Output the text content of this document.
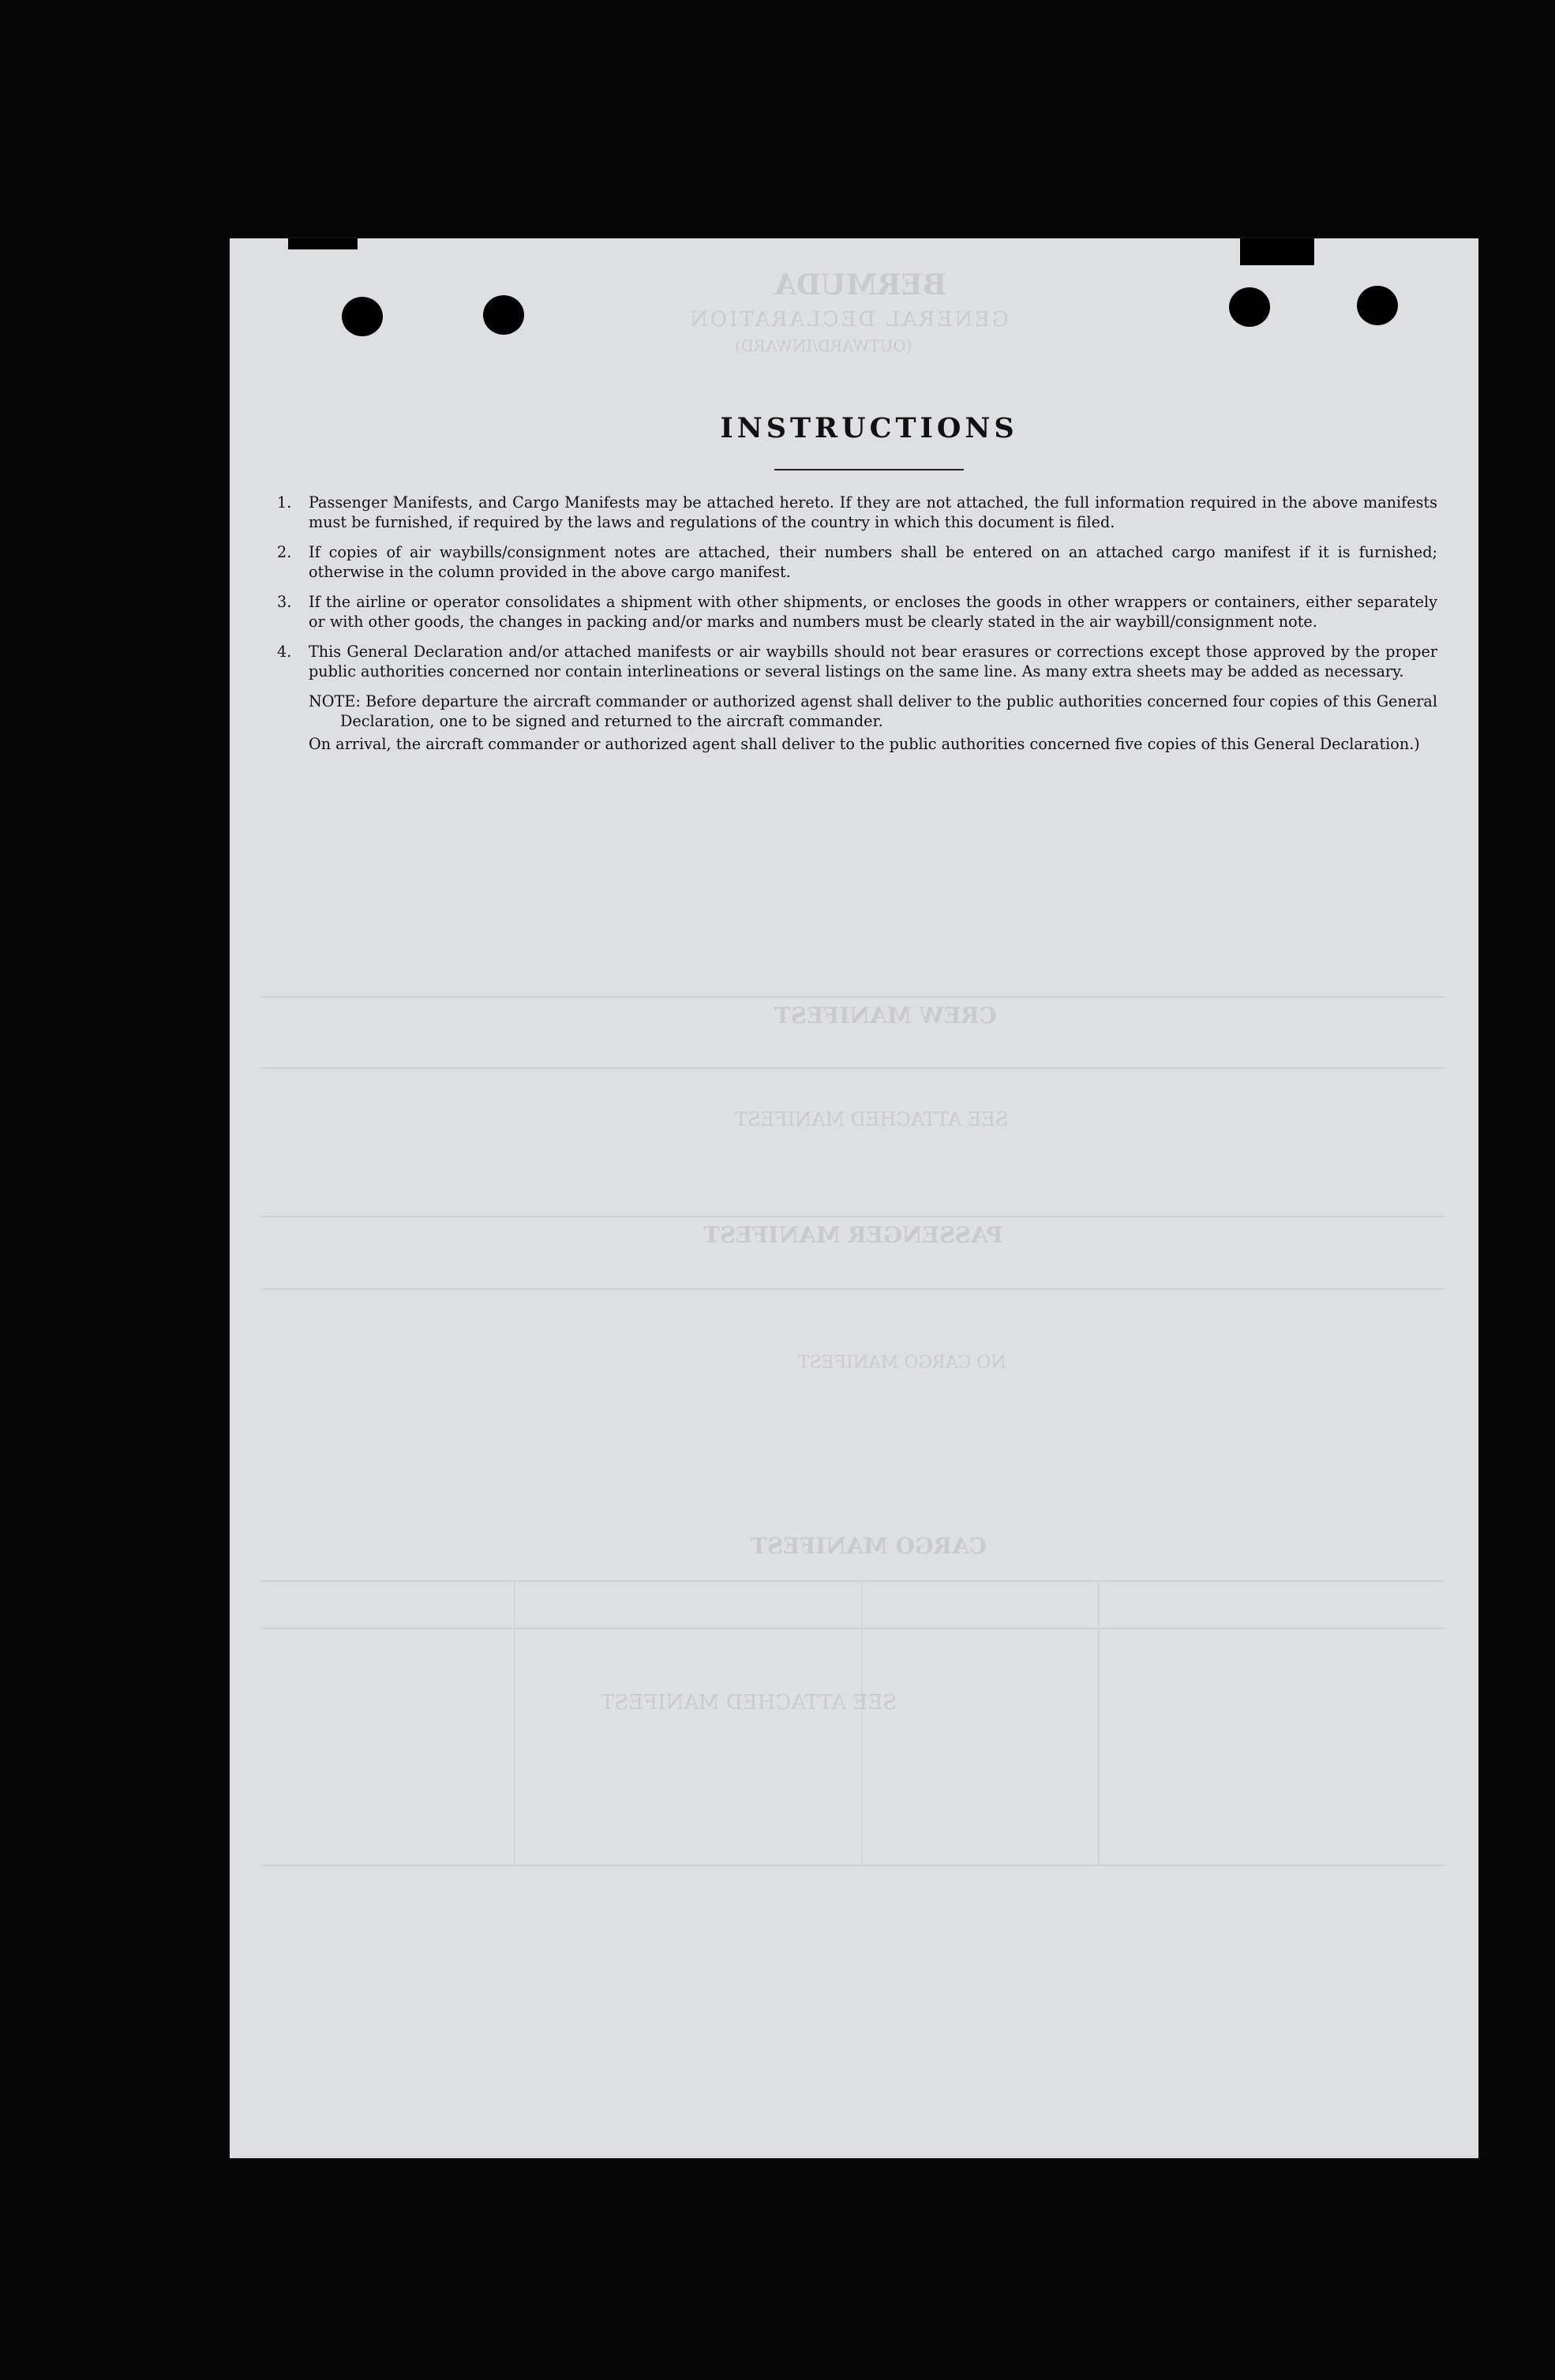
BERMUDA
GENERAL DECLARATION
(OUTWARD/INWARD)
CREW MANIFEST
SEE ATTACHED MANIFEST
PASSENGER MANIFEST
NO CARGO MANIFEST
CARGO MANIFEST
SEE ATTACHED MANIFEST
INSTRUCTIONS
1. Passenger Manifests, and Cargo Manifests may be attached hereto. If they are not attached, the full information required in the above manifests must be furnished, if required by the laws and regulations of the country in which this document is filed.
2. If copies of air waybills/consignment notes are attached, their numbers shall be entered on an attached cargo manifest if it is furnished; otherwise in the column provided in the above cargo manifest.
3. If the airline or operator consolidates a shipment with other shipments, or encloses the goods in other wrappers or containers, either separately or with other goods, the changes in packing and/or marks and numbers must be clearly stated in the air waybill/consignment note.
4. This General Declaration and/or attached manifests or air waybills should not bear erasures or corrections except those approved by the proper public authorities concerned nor contain interlineations or several listings on the same line. As many extra sheets may be added as necessary.
NOTE: Before departure the aircraft commander or authorized agenst shall deliver to the public authorities concerned four copies of this General Declaration, one to be signed and returned to the aircraft commander.
On arrival, the aircraft commander or authorized agent shall deliver to the public authorities concerned five copies of this General Declaration.)
